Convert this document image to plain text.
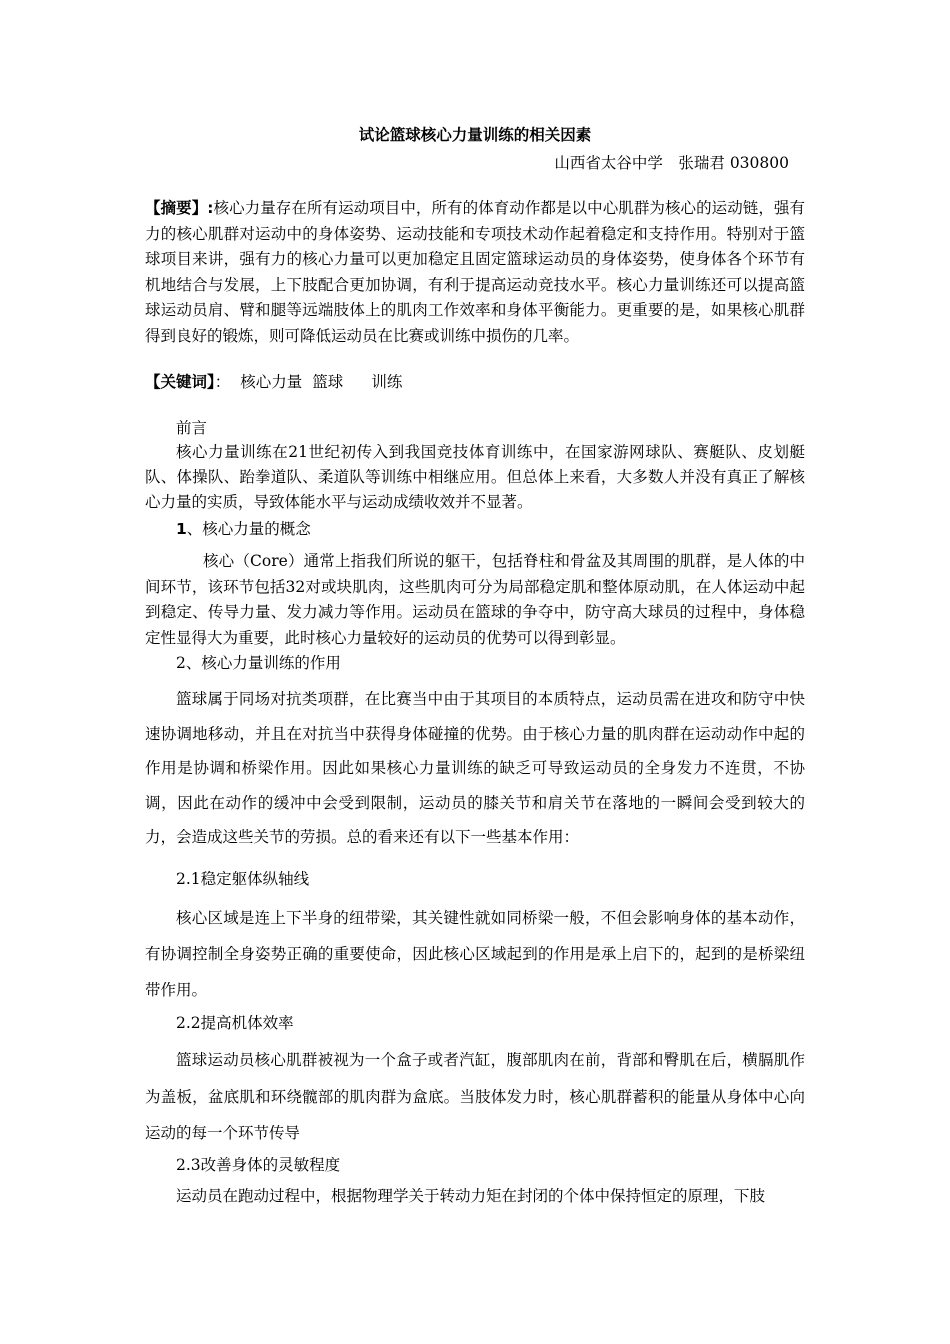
试论篮球核心力量训练的相关因素
山西省太谷中学　张瑞君 030800
【摘要】:核心力量存在所有运动项目中，所有的体育动作都是以中心肌群为核心的运动链，强有力的核心肌群对运动中的身体姿势、运动技能和专项技术动作起着稳定和支持作用。特别对于篮球项目来讲，强有力的核心力量可以更加稳定且固定篮球运动员的身体姿势，使身体各个环节有机地结合与发展，上下肢配合更加协调，有利于提高运动竞技水平。核心力量训练还可以提高篮球运动员肩、臂和腿等远端肢体上的肌肉工作效率和身体平衡能力。更重要的是，如果核心肌群得到良好的锻炼，则可降低运动员在比赛或训练中损伤的几率。
【关键词】： 核心力量 篮球 训练
前言
核心力量训练在21世纪初传入到我国竞技体育训练中，在国家游网球队、赛艇队、皮划艇队、体操队、跆拳道队、柔道队等训练中相继应用。但总体上来看，大多数人并没有真正了解核心力量的实质，导致体能水平与运动成绩收效并不显著。
1、核心力量的概念
核心（Core）通常上指我们所说的躯干，包括脊柱和骨盆及其周围的肌群，是人体的中间环节，该环节包括32对或块肌肉，这些肌肉可分为局部稳定肌和整体原动肌，在人体运动中起到稳定、传导力量、发力减力等作用。运动员在篮球的争夺中，防守高大球员的过程中，身体稳定性显得大为重要，此时核心力量较好的运动员的优势可以得到彰显。
2、核心力量训练的作用
篮球属于同场对抗类项群，在比赛当中由于其项目的本质特点，运动员需在进攻和防守中快速协调地移动，并且在对抗当中获得身体碰撞的优势。由于核心力量的肌肉群在运动动作中起的作用是协调和桥梁作用。因此如果核心力量训练的缺乏可导致运动员的全身发力不连贯，不协调，因此在动作的缓冲中会受到限制，运动员的膝关节和肩关节在落地的一瞬间会受到较大的力，会造成这些关节的劳损。总的看来还有以下一些基本作用：
2.1稳定躯体纵轴线
核心区域是连上下半身的纽带梁，其关键性就如同桥梁一般，不但会影响身体的基本动作，有协调控制全身姿势正确的重要使命，因此核心区域起到的作用是承上启下的，起到的是桥梁纽带作用。
2.2提高机体效率
篮球运动员核心肌群被视为一个盒子或者汽缸，腹部肌肉在前，背部和臀肌在后，横膈肌作为盖板，盆底肌和环绕髋部的肌肉群为盒底。当肢体发力时，核心肌群蓄积的能量从身体中心向运动的每一个环节传导
2.3改善身体的灵敏程度
运动员在跑动过程中，根据物理学关于转动力矩在封闭的个体中保持恒定的原理，下肢
